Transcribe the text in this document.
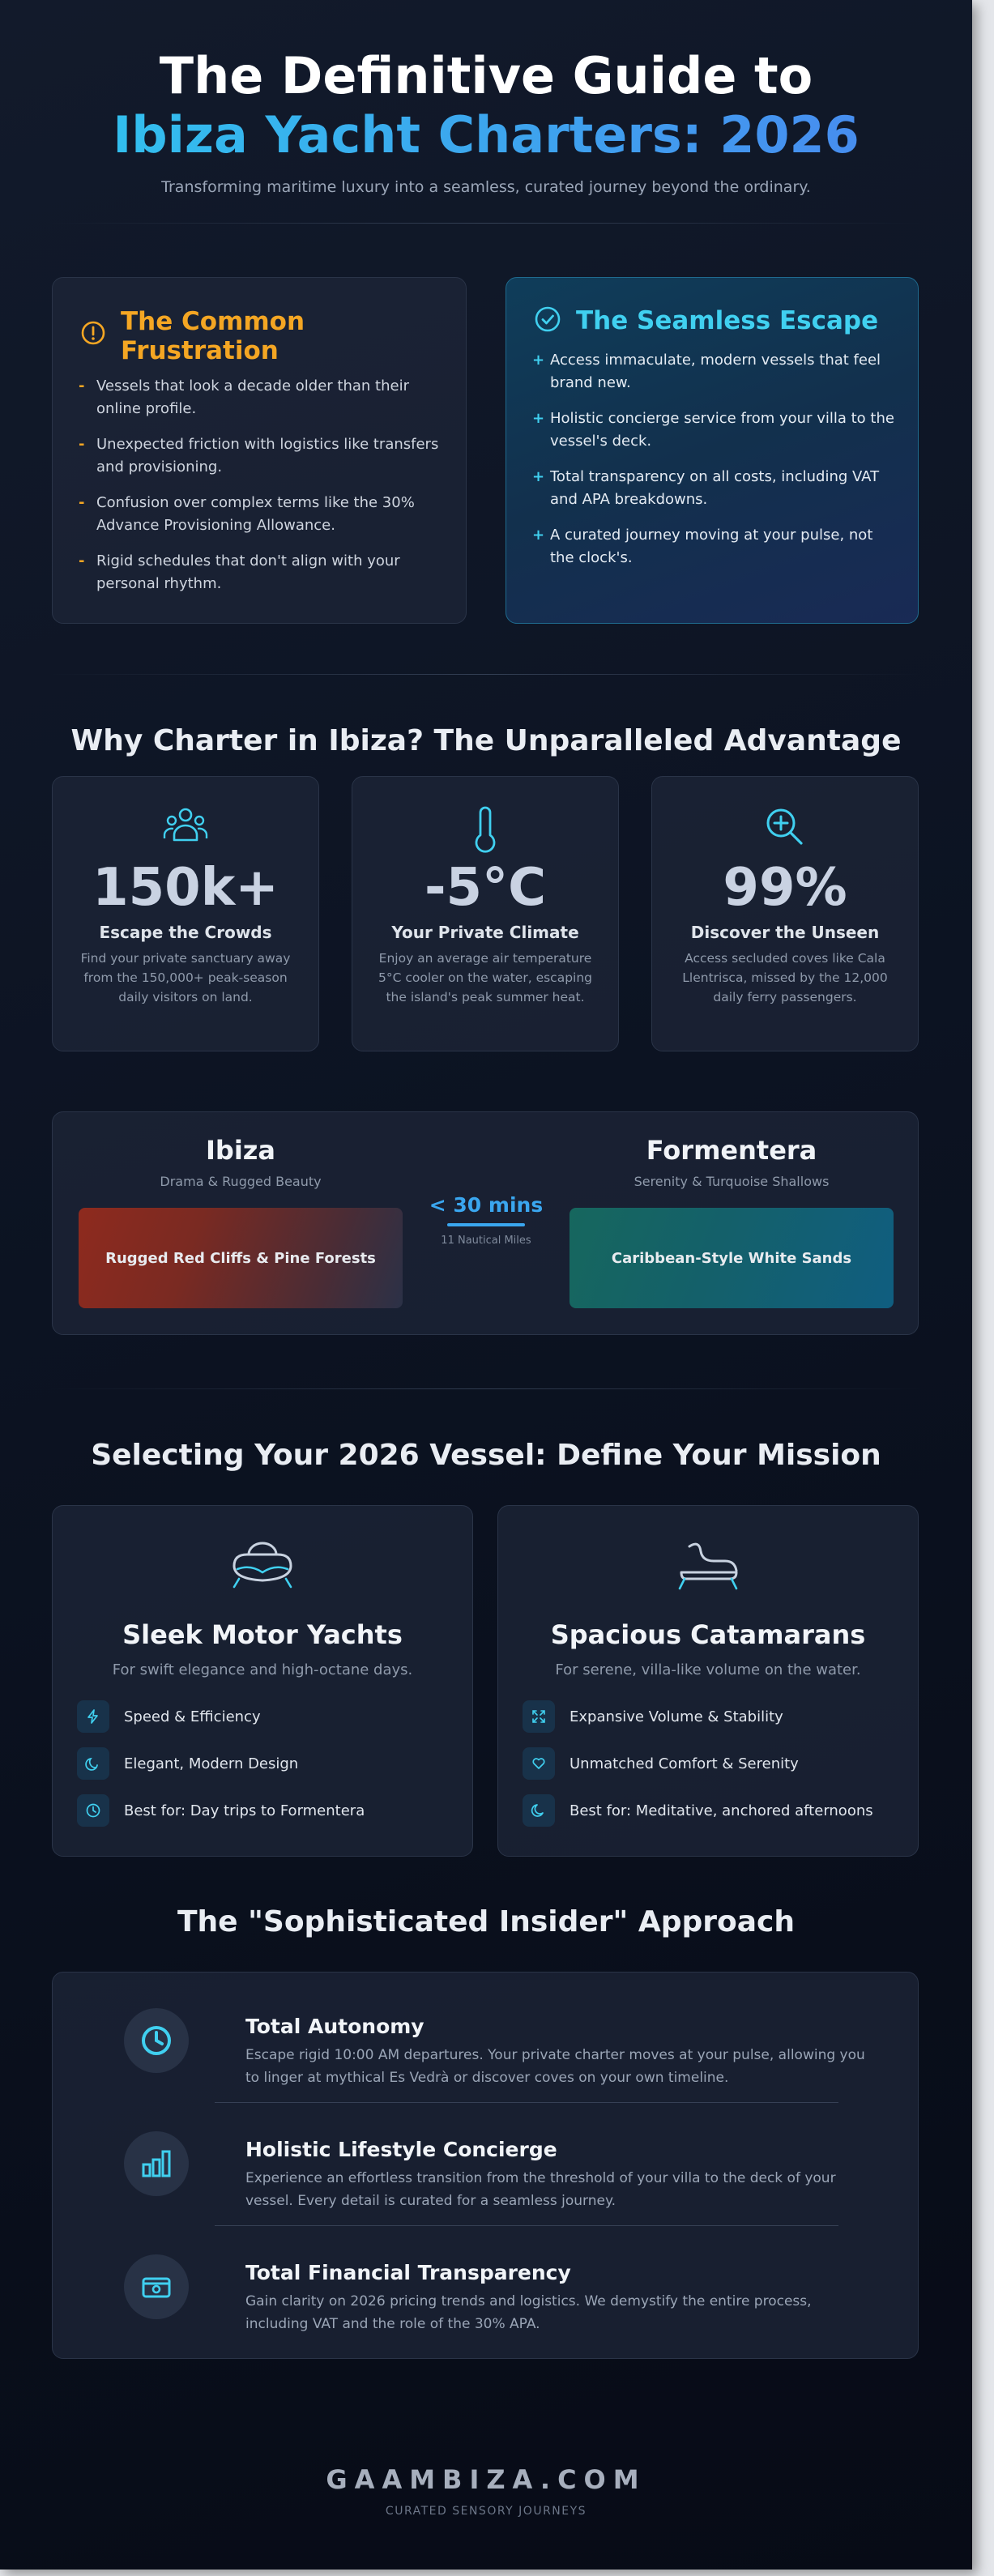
The Definitive Guide to
Ibiza Yacht Charters: 2026
Transforming maritime luxury into a seamless, curated journey beyond the ordinary.
The Common Frustration
- Vessels that look a decade older than their online profile.
- Unexpected friction with logistics like transfers and provisioning.
- Confusion over complex terms like the 30% Advance Provisioning Allowance.
- Rigid schedules that don't align with your personal rhythm.
The Seamless Escape
+ Access immaculate, modern vessels that feel brand new.
+ Holistic concierge service from your villa to the vessel's deck.
+ Total transparency on all costs, including VAT and APA breakdowns.
+ A curated journey moving at your pulse, not the clock's.
Why Charter in Ibiza? The Unparalleled Advantage
150k+
Escape the Crowds
Find your private sanctuary away from the 150,000+ peak-season daily visitors on land.
-5°C
Your Private Climate
Enjoy an average air temperature 5°C cooler on the water, escaping the island's peak summer heat.
99%
Discover the Unseen
Access secluded coves like Cala Llentrisca, missed by the 12,000 daily ferry passengers.
Ibiza
Drama & Rugged Beauty
Rugged Red Cliffs & Pine Forests
< 30 mins
11 Nautical Miles
Formentera
Serenity & Turquoise Shallows
Caribbean-Style White Sands
Selecting Your 2026 Vessel: Define Your Mission
Sleek Motor Yachts
For swift elegance and high-octane days.
Speed & Efficiency
Elegant, Modern Design
Best for: Day trips to Formentera
Spacious Catamarans
For serene, villa-like volume on the water.
Expansive Volume & Stability
Unmatched Comfort & Serenity
Best for: Meditative, anchored afternoons
The "Sophisticated Insider" Approach
Total Autonomy
Escape rigid 10:00 AM departures. Your private charter moves at your pulse, allowing you to linger at mythical Es Vedrà or discover coves on your own timeline.
Holistic Lifestyle Concierge
Experience an effortless transition from the threshold of your villa to the deck of your vessel. Every detail is curated for a seamless journey.
Total Financial Transparency
Gain clarity on 2026 pricing trends and logistics. We demystify the entire process, including VAT and the role of the 30% APA.
GAAMBIZA.COM
CURATED SENSORY JOURNEYS
